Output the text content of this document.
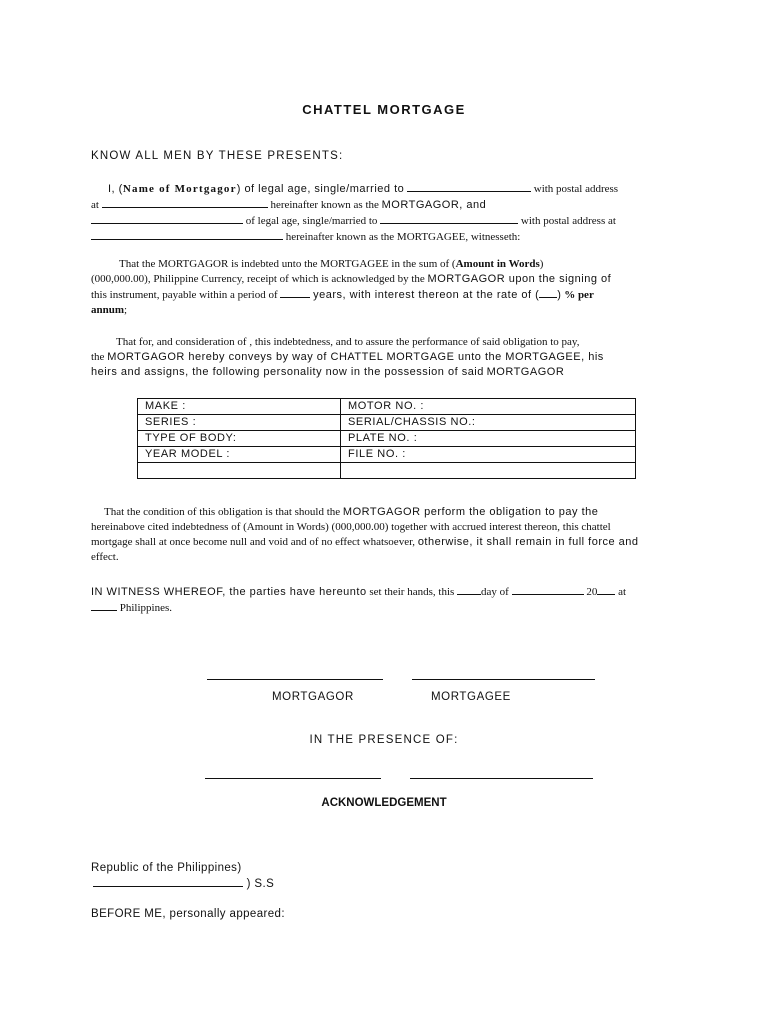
CHATTEL MORTGAGE
KNOW ALL MEN BY THESE PRESENTS:

I, (Name of Mortgagor) of legal age, single/married to	with postal address

at	hereinafter known as the MORTGAGOR, and

of legal age, single/married to	with postal address at

hereinafter known as the MORTGAGEE, witnesseth:

That the MORTGAGOR is indebted unto the MORTGAGEE in the sum of (Amount in Words)

(000,000.00), Philippine Currency, receipt of which is acknowledged by the MORTGAGOR upon the signing of

this instrument, payable within a period of	years, with interest thereon at the rate of ( ) % per

annum;

That for, and consideration of , this indebtedness, and to assure the performance of said obligation to pay,

the MORTGAGOR hereby conveys by way of CHATTEL MORTGAGE unto the MORTGAGEE, his

heirs and assigns, the following personality now in the possession of said MORTGAGOR

MAKE :	MOTOR NO. :
SERIES :	SERIAL/CHASSIS NO.:
TYPE OF BODY:	PLATE NO. :
YEAR MODEL :	FILE NO. :

That the condition of this obligation is that should the MORTGAGOR perform the obligation to pay the

hereinabove cited indebtedness of (Amount in Words) (000,000.00) together with accrued interest thereon, this chattel

mortgage shall at once become null and void and of no effect whatsoever, otherwise, it shall remain in full force and

effect.

IN WITNESS WHEREOF, the parties have hereunto set their hands, this day of	20 at

Philippines.

MORTGAGOR	MORTGAGEE
IN THE PRESENCE OF:
ACKNOWLEDGEMENT
Republic of the Philippines)
) S.S
BEFORE ME, personally appeared:
